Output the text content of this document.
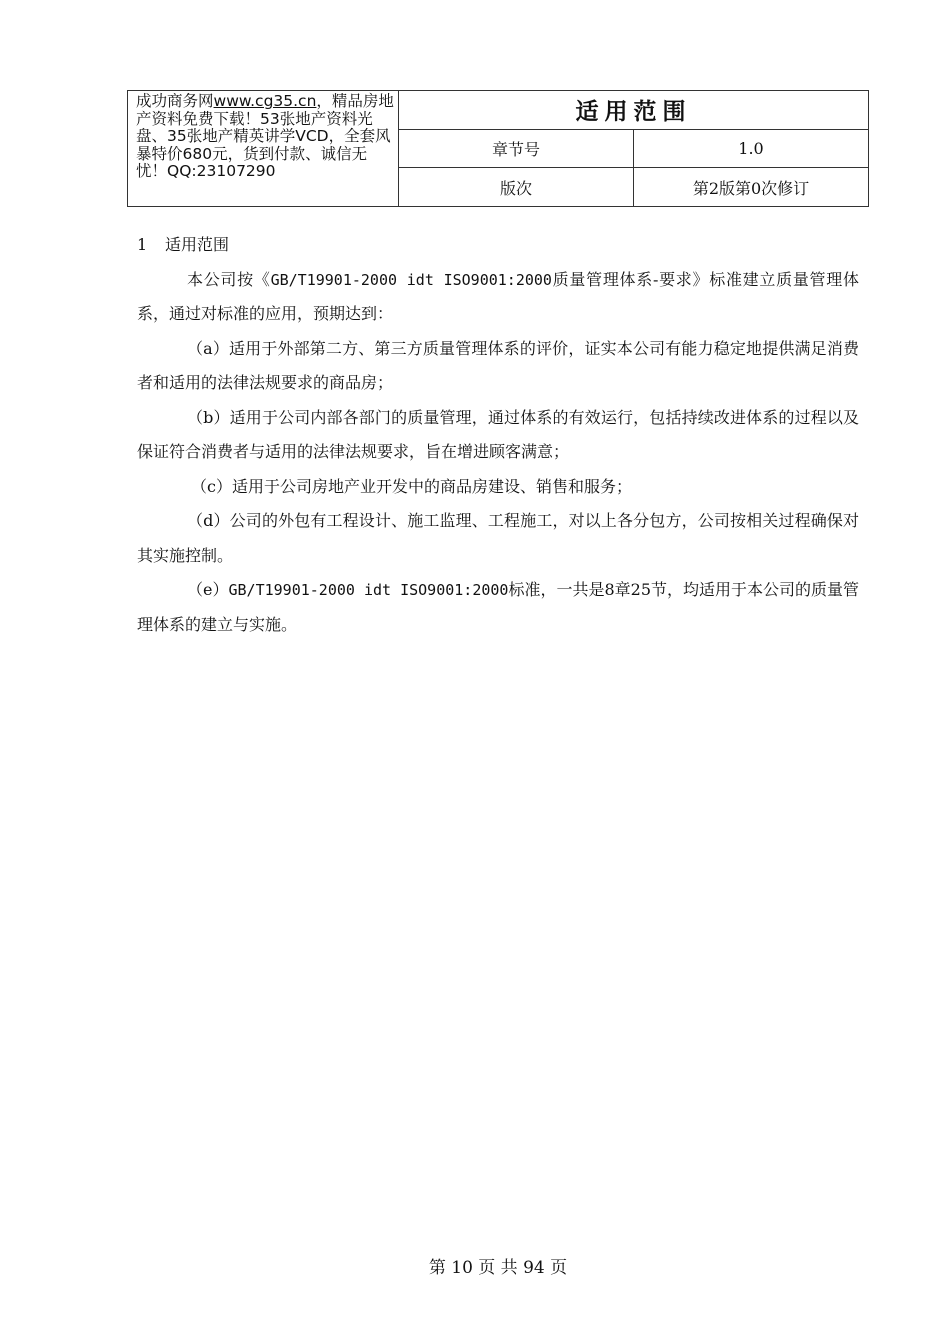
成功商务网www.cg35.cn，精品房地产资料免费下载！53张地产资料光盘、35张地产精英讲学VCD，全套风暴特价680元，货到付款、诚信无忧！QQ:23107290	适用范围	
	章节号	1.0
	版次	第2版第0次修订

1 适用范围

本公司按《GB/T19901-2000 idt ISO9001:2000质量管理体系-要求》标准建立质量管理体系，通过对标准的应用，预期达到：

（a）适用于外部第二方、第三方质量管理体系的评价，证实本公司有能力稳定地提供满足消费者和适用的法律法规要求的商品房；

（b）适用于公司内部各部门的质量管理，通过体系的有效运行，包括持续改进体系的过程以及保证符合消费者与适用的法律法规要求，旨在增进顾客满意；

（c）适用于公司房地产业开发中的商品房建设、销售和服务；

（d）公司的外包有工程设计、施工监理、工程施工，对以上各分包方，公司按相关过程确保对其实施控制。

（e）GB/T19901-2000 idt ISO9001:2000标准，一共是8章25节，均适用于本公司的质量管理体系的建立与实施。

第 10 页 共 94 页
